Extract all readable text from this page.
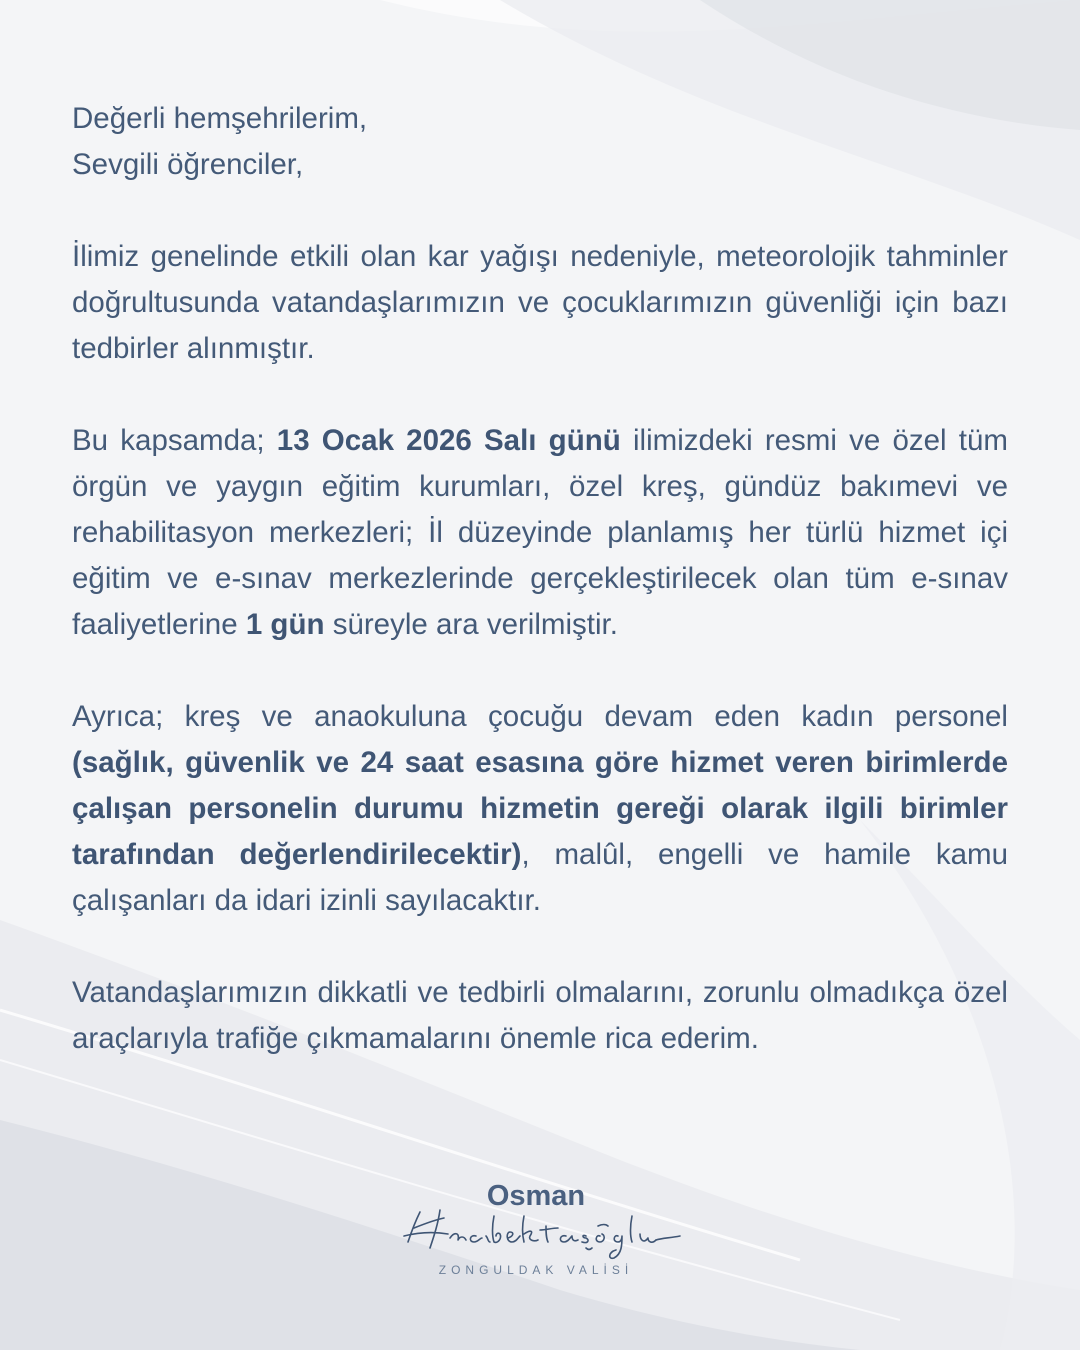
Değerli hemşehrilerim,

Sevgili öğrenciler,

İlimiz genelinde etkili olan kar yağışı nedeniyle, meteorolojik tahminler doğrultusunda vatandaşlarımızın ve çocuklarımızın güvenliği için bazı tedbirler alınmıştır.

Bu kapsamda; 13 Ocak 2026 Salı günü ilimizdeki resmi ve özel tüm örgün ve yaygın eğitim kurumları, özel kreş, gündüz bakımevi ve rehabilitasyon merkezleri; İl düzeyinde planlamış her türlü hizmet içi eğitim ve e-sınav merkezlerinde gerçekleştirilecek olan tüm e-sınav faaliyetlerine 1 gün süreyle ara verilmiştir.

Ayrıca; kreş ve anaokuluna çocuğu devam eden kadın personel (sağlık, güvenlik ve 24 saat esasına göre hizmet veren birimlerde çalışan personelin durumu hizmetin gereği olarak ilgili birimler tarafından değerlendirilecektir), malûl, engelli ve hamile kamu çalışanları da idari izinli sayılacaktır.

Vatandaşlarımızın dikkatli ve tedbirli olmalarını, zorunlu olmadıkça özel araçlarıyla trafiğe çıkmamalarını önemle rica ederim.

Osman
ZONGULDAK VALİSİ
